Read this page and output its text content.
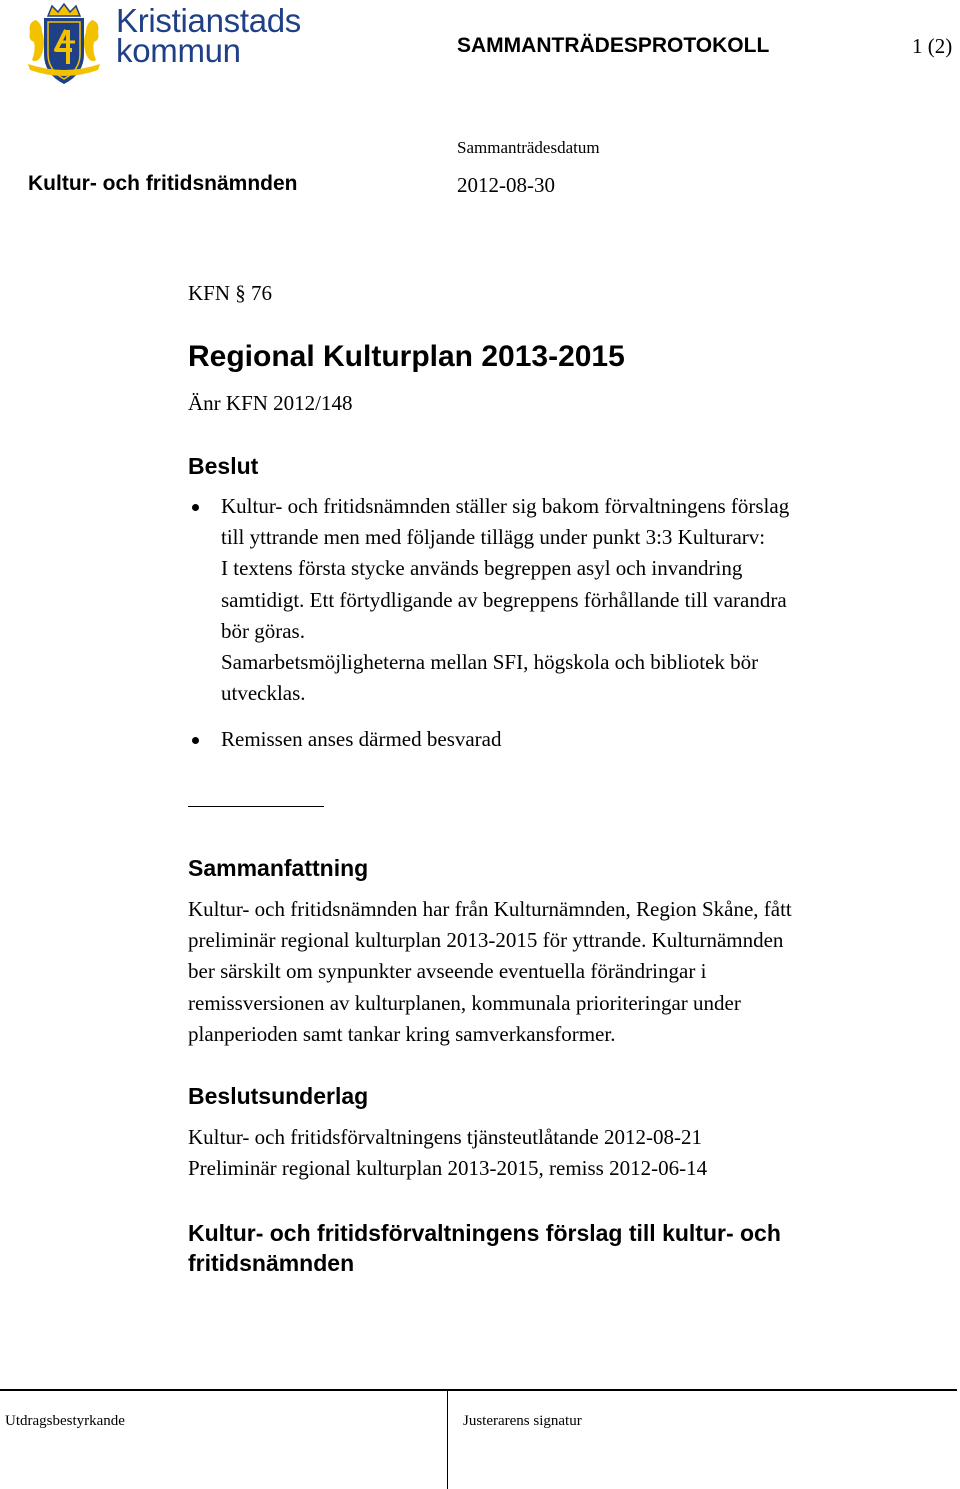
Kristianstads
kommun	SAMMANTRÄDESPROTOKOLL	1 (2)
Sammanträdesdatum
Kultur- och fritidsnämnden	2012-08-30
KFN § 76
Regional Kulturplan 2013-2015
Änr KFN 2012/148
Beslut
Kultur- och fritidsnämnden ställer sig bakom förvaltningens förslag
till yttrande men med följande tillägg under punkt 3:3 Kulturarv:
I textens första stycke används begreppen asyl och invandring
samtidigt. Ett förtydligande av begreppens förhållande till varandra
bör göras.
Samarbetsmöjligheterna mellan SFI, högskola och bibliotek bör
utvecklas.
Remissen anses därmed besvarad
Sammanfattning
Kultur- och fritidsnämnden har från Kulturnämnden, Region Skåne, fått
preliminär regional kulturplan 2013-2015 för yttrande. Kulturnämnden
ber särskilt om synpunkter avseende eventuella förändringar i
remissversionen av kulturplanen, kommunala prioriteringar under
planperioden samt tankar kring samverkansformer.
Beslutsunderlag
Kultur- och fritidsförvaltningens tjänsteutlåtande 2012-08-21
Preliminär regional kulturplan 2013-2015, remiss 2012-06-14
Kultur- och fritidsförvaltningens förslag till kultur- och
fritidsnämnden
Utdragsbestyrkande	Justerarens signatur
